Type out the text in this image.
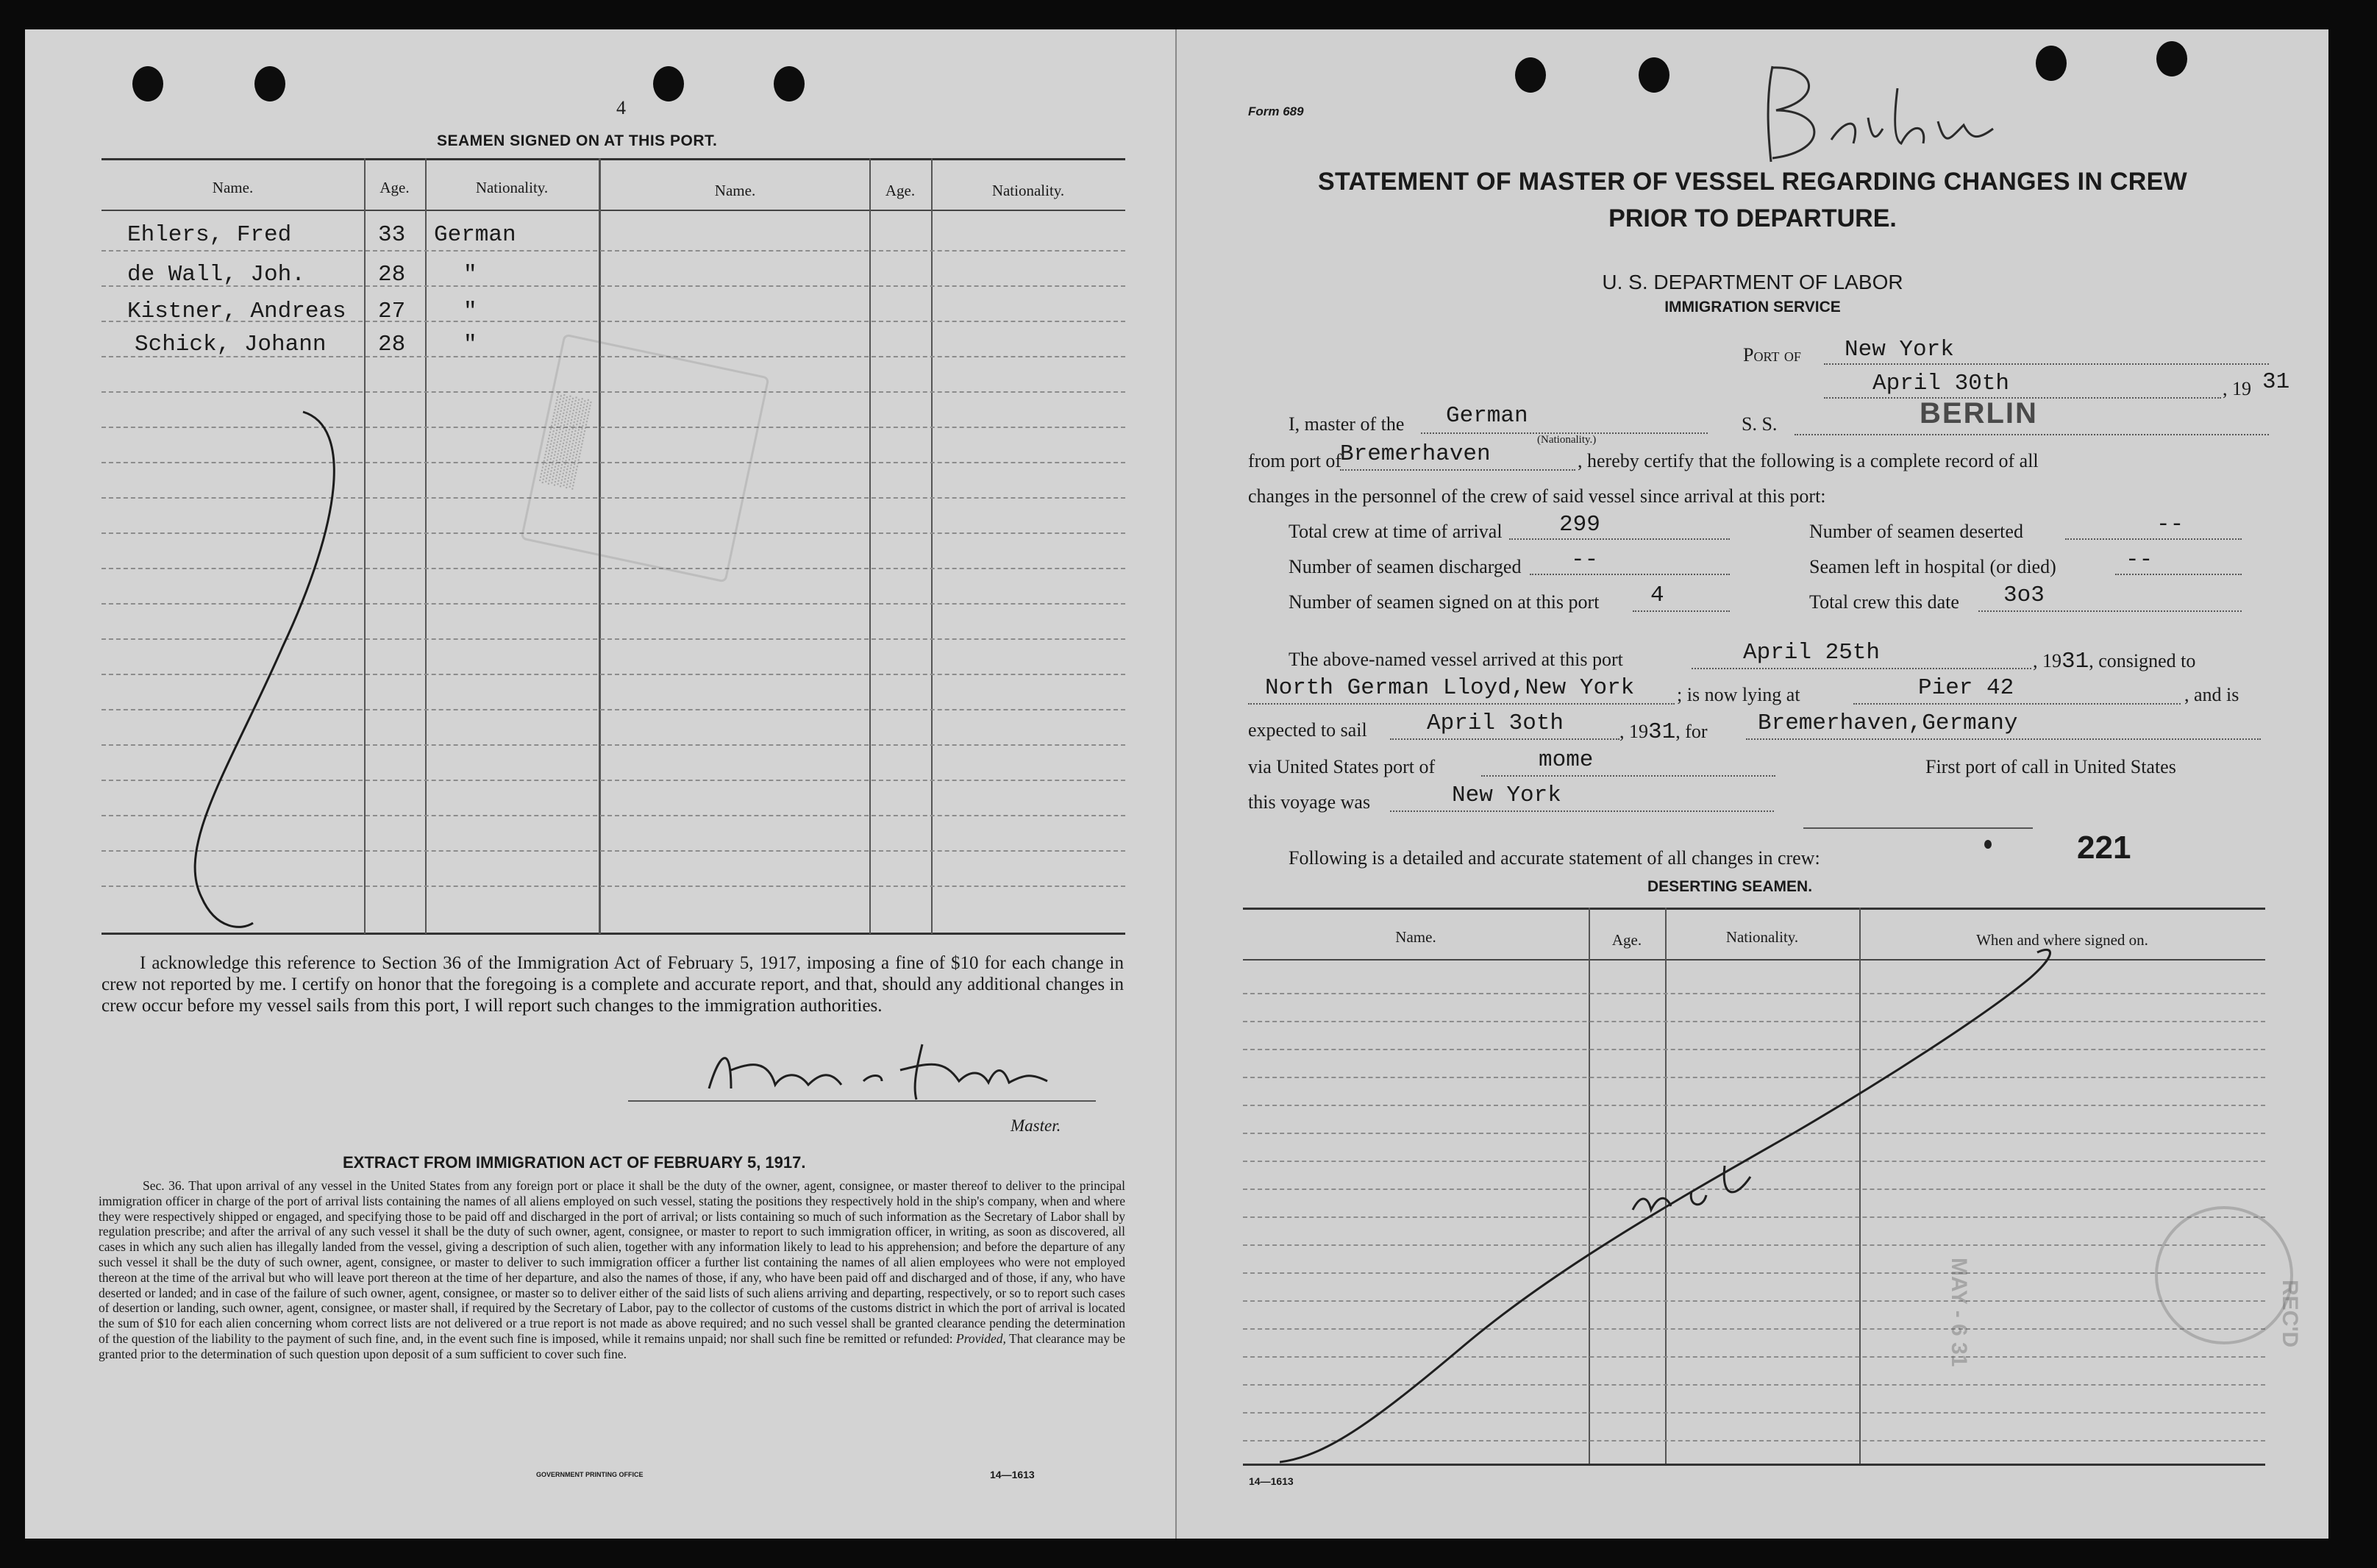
4
SEAMEN SIGNED ON AT THIS PORT.
Name.	Age.	Nationality.	Name.	Age.	Nationality.
Ehlers, Fred	33 German
de Wall, Joh.	28	"
Kistner, Andreas 27	"
Schick, Johann 28	"
▒▒▒▒
I acknowledge this reference to Section 36 of the Immigration Act of February 5, 1917, imposing a fine of $10 for each change in crew not reported by me. I certify on honor that the foregoing is a complete and accurate report, and that, should any additional changes in crew occur before my vessel sails from this port, I will report such changes to the immigration authorities.
Master.
EXTRACT FROM IMMIGRATION ACT OF FEBRUARY 5, 1917.
Sec. 36. That upon arrival of any vessel in the United States from any foreign port or place it shall be the duty of the owner, agent, consignee, or master thereof to deliver to the principal immigration officer in charge of the port of arrival lists containing the names of all aliens employed on such vessel, stating the positions they respectively hold in the ship's company, when and where they were respectively shipped or engaged, and specifying those to be paid off and discharged in the port of arrival; or lists containing so much of such information as the Secretary of Labor shall by regulation prescribe; and after the arrival of any such vessel it shall be the duty of such owner, agent, consignee, or master to report to such immigration officer, in writing, as soon as discovered, all cases in which any such alien has illegally landed from the vessel, giving a description of such alien, together with any information likely to lead to his apprehension; and before the departure of any such vessel it shall be the duty of such owner, agent, consignee, or master to deliver to such immigration officer a further list containing the names of all alien employees who were not employed thereon at the time of the arrival but who will leave port thereon at the time of her departure, and also the names of those, if any, who have been paid off and discharged and of those, if any, who have deserted or landed; and in case of the failure of such owner, agent, consignee, or master so to deliver either of the said lists of such aliens arriving and departing, respectively, or so to report such cases of desertion or landing, such owner, agent, consignee, or master shall, if required by the Secretary of Labor, pay to the collector of customs of the customs district in which the port of arrival is located the sum of $10 for each alien concerning whom correct lists are not delivered or a true report is not made as above required; and no such vessel shall be granted clearance pending the determination of the question of the liability to the payment of such fine, and, in the event such fine is imposed, while it remains unpaid; nor shall such fine be remitted or refunded: Provided, That clearance may be granted prior to the determination of such question upon deposit of a sum sufficient to cover such fine.
GOVERNMENT PRINTING OFFICE	14—1613
Form 689
STATEMENT OF MASTER OF VESSEL REGARDING CHANGES IN CREW
PRIOR TO DEPARTURE.
U. S. DEPARTMENT OF LABOR
IMMIGRATION SERVICE
Port of New York
April 30th	, 19 31
I, master of the German
(Nationality.)
S. S.	BERLIN
from port of
Bremerhaven	, hereby certify that the following is a complete record of all
changes in the personnel of the crew of said vessel since arrival at this port:
Total crew at time of arrival 299	Number of seamen deserted	--
Number of seamen discharged --	Seamen left in hospital (or died)	--
Number of seamen signed on at this port 4	Total crew this date 3o3
The above-named vessel arrived at this port	April 25th	, 1931, consigned to
North German Lloyd,New York ; is now lying at	Pier 42	, and is
expected to sail	April 3oth	, 1931, for Bremerhaven,Germany
via United States port of	mome	First port of call in United States
this voyage was	New York
Following is a detailed and accurate statement of all changes in crew:	221
DESERTING SEAMEN.
Name.	Age.	Nationality.	When and where signed on.
MAY - 6 31	REC'D
14—1613
